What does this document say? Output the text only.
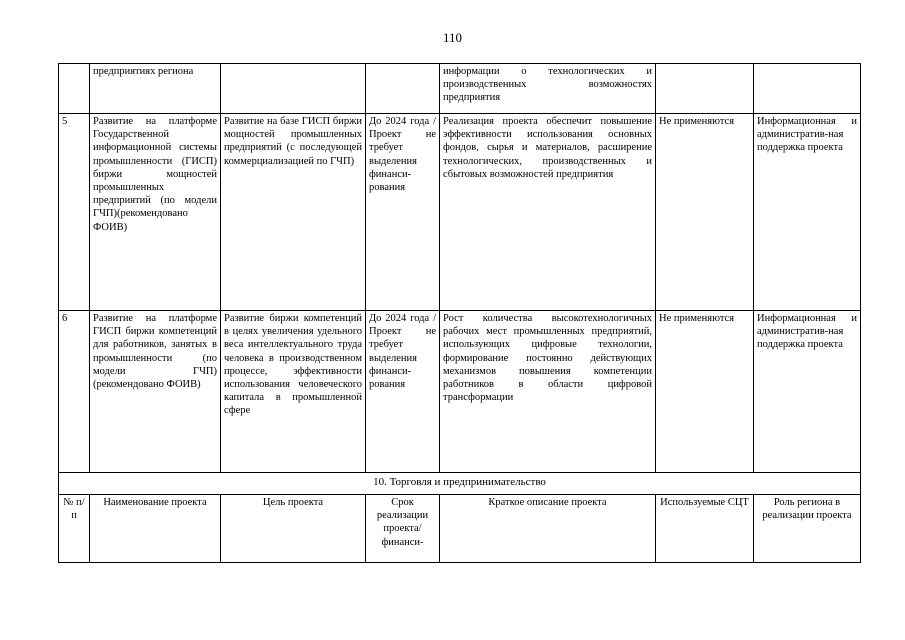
110
	предприятиях региона			информации о технологических и производственных возможностях предприятия		
5	Развитие на платформе Государственной информационной системы промышленности (ГИСП) биржи мощностей промышленных предприятий (по модели ГЧП)(рекомендовано ФОИВ)	Развитие на базе ГИСП биржи мощностей промышленных предприятий (с последующей коммерциализацией по ГЧП)	До 2024 года / Проект не требует выделения финанси-рования	Реализация проекта обеспечит повышение эффективности использования основных фондов, сырья и материалов, расширение технологических, производственных и сбытовых возможностей предприятия	Не применяются	Информационная и административ-ная поддержка проекта
6	Развитие на платформе ГИСП биржи компетенций для работников, занятых в промышленности (по модели ГЧП) (рекомендовано ФОИВ)	Развитие биржи компетенций в целях увеличения удельного веса интеллектуального труда человека в производственном процессе, эффективности использования человеческого капитала в промышленной сфере	До 2024 года / Проект не требует выделения финанси-рования	Рост количества высокотехнологичных рабочих мест промышленных предприятий, использующих цифровые технологии, формирование постоянно действующих механизмов повышения компетенции работников в области цифровой трансформации	Не применяются	Информационная и административ-ная поддержка проекта
10. Торговля и предпринимательство						
№ п/п	Наименование проекта	Цель проекта	Срок реализации проекта/ финанси-	Краткое описание проекта	Используемые СЦТ	Роль региона в реализации проекта
